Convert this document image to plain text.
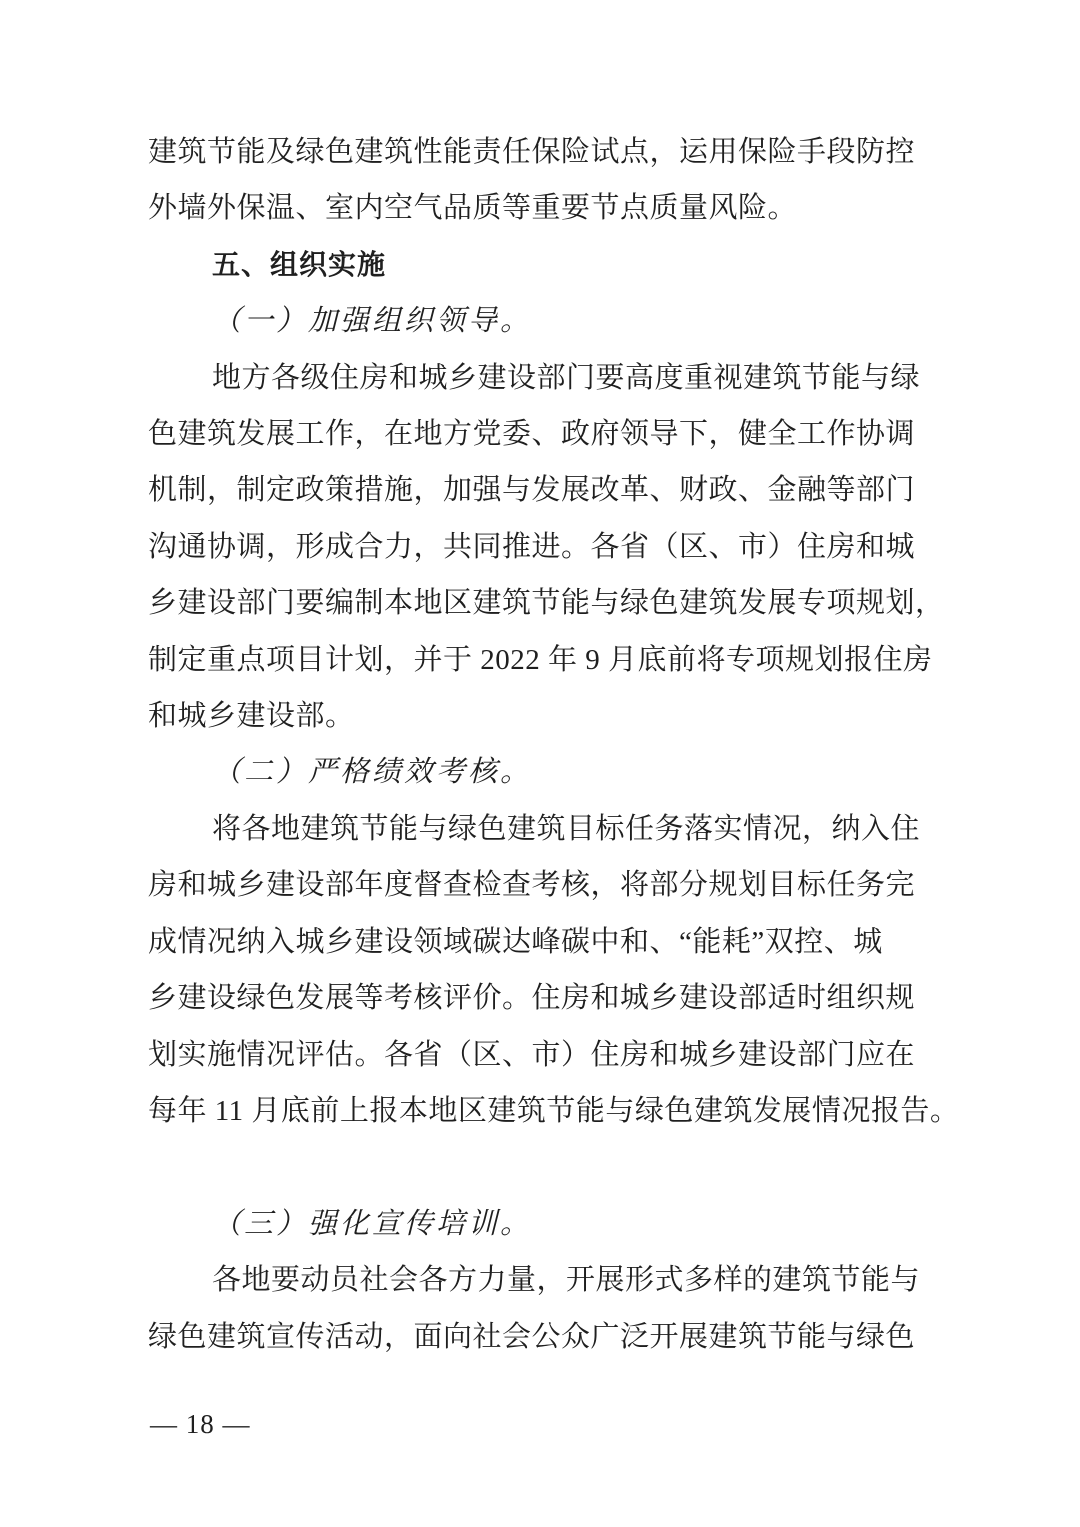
建筑节能及绿色建筑性能责任保险试点，运用保险手段防控
外墙外保温、室内空气品质等重要节点质量风险。
五、组织实施
（一）加强组织领导。
地方各级住房和城乡建设部门要高度重视建筑节能与绿
色建筑发展工作，在地方党委、政府领导下，健全工作协调
机制，制定政策措施，加强与发展改革、财政、金融等部门
沟通协调，形成合力，共同推进。各省（区、市）住房和城
乡建设部门要编制本地区建筑节能与绿色建筑发展专项规划，
制定重点项目计划，并于 2022 年 9 月底前将专项规划报住房
和城乡建设部。
（二）严格绩效考核。
将各地建筑节能与绿色建筑目标任务落实情况，纳入住
房和城乡建设部年度督查检查考核，将部分规划目标任务完
成情况纳入城乡建设领域碳达峰碳中和、“能耗”双控、城
乡建设绿色发展等考核评价。住房和城乡建设部适时组织规
划实施情况评估。各省（区、市）住房和城乡建设部门应在
每年 11 月底前上报本地区建筑节能与绿色建筑发展情况报告。
（三）强化宣传培训。
各地要动员社会各方力量，开展形式多样的建筑节能与
绿色建筑宣传活动，面向社会公众广泛开展建筑节能与绿色
— 18 —
